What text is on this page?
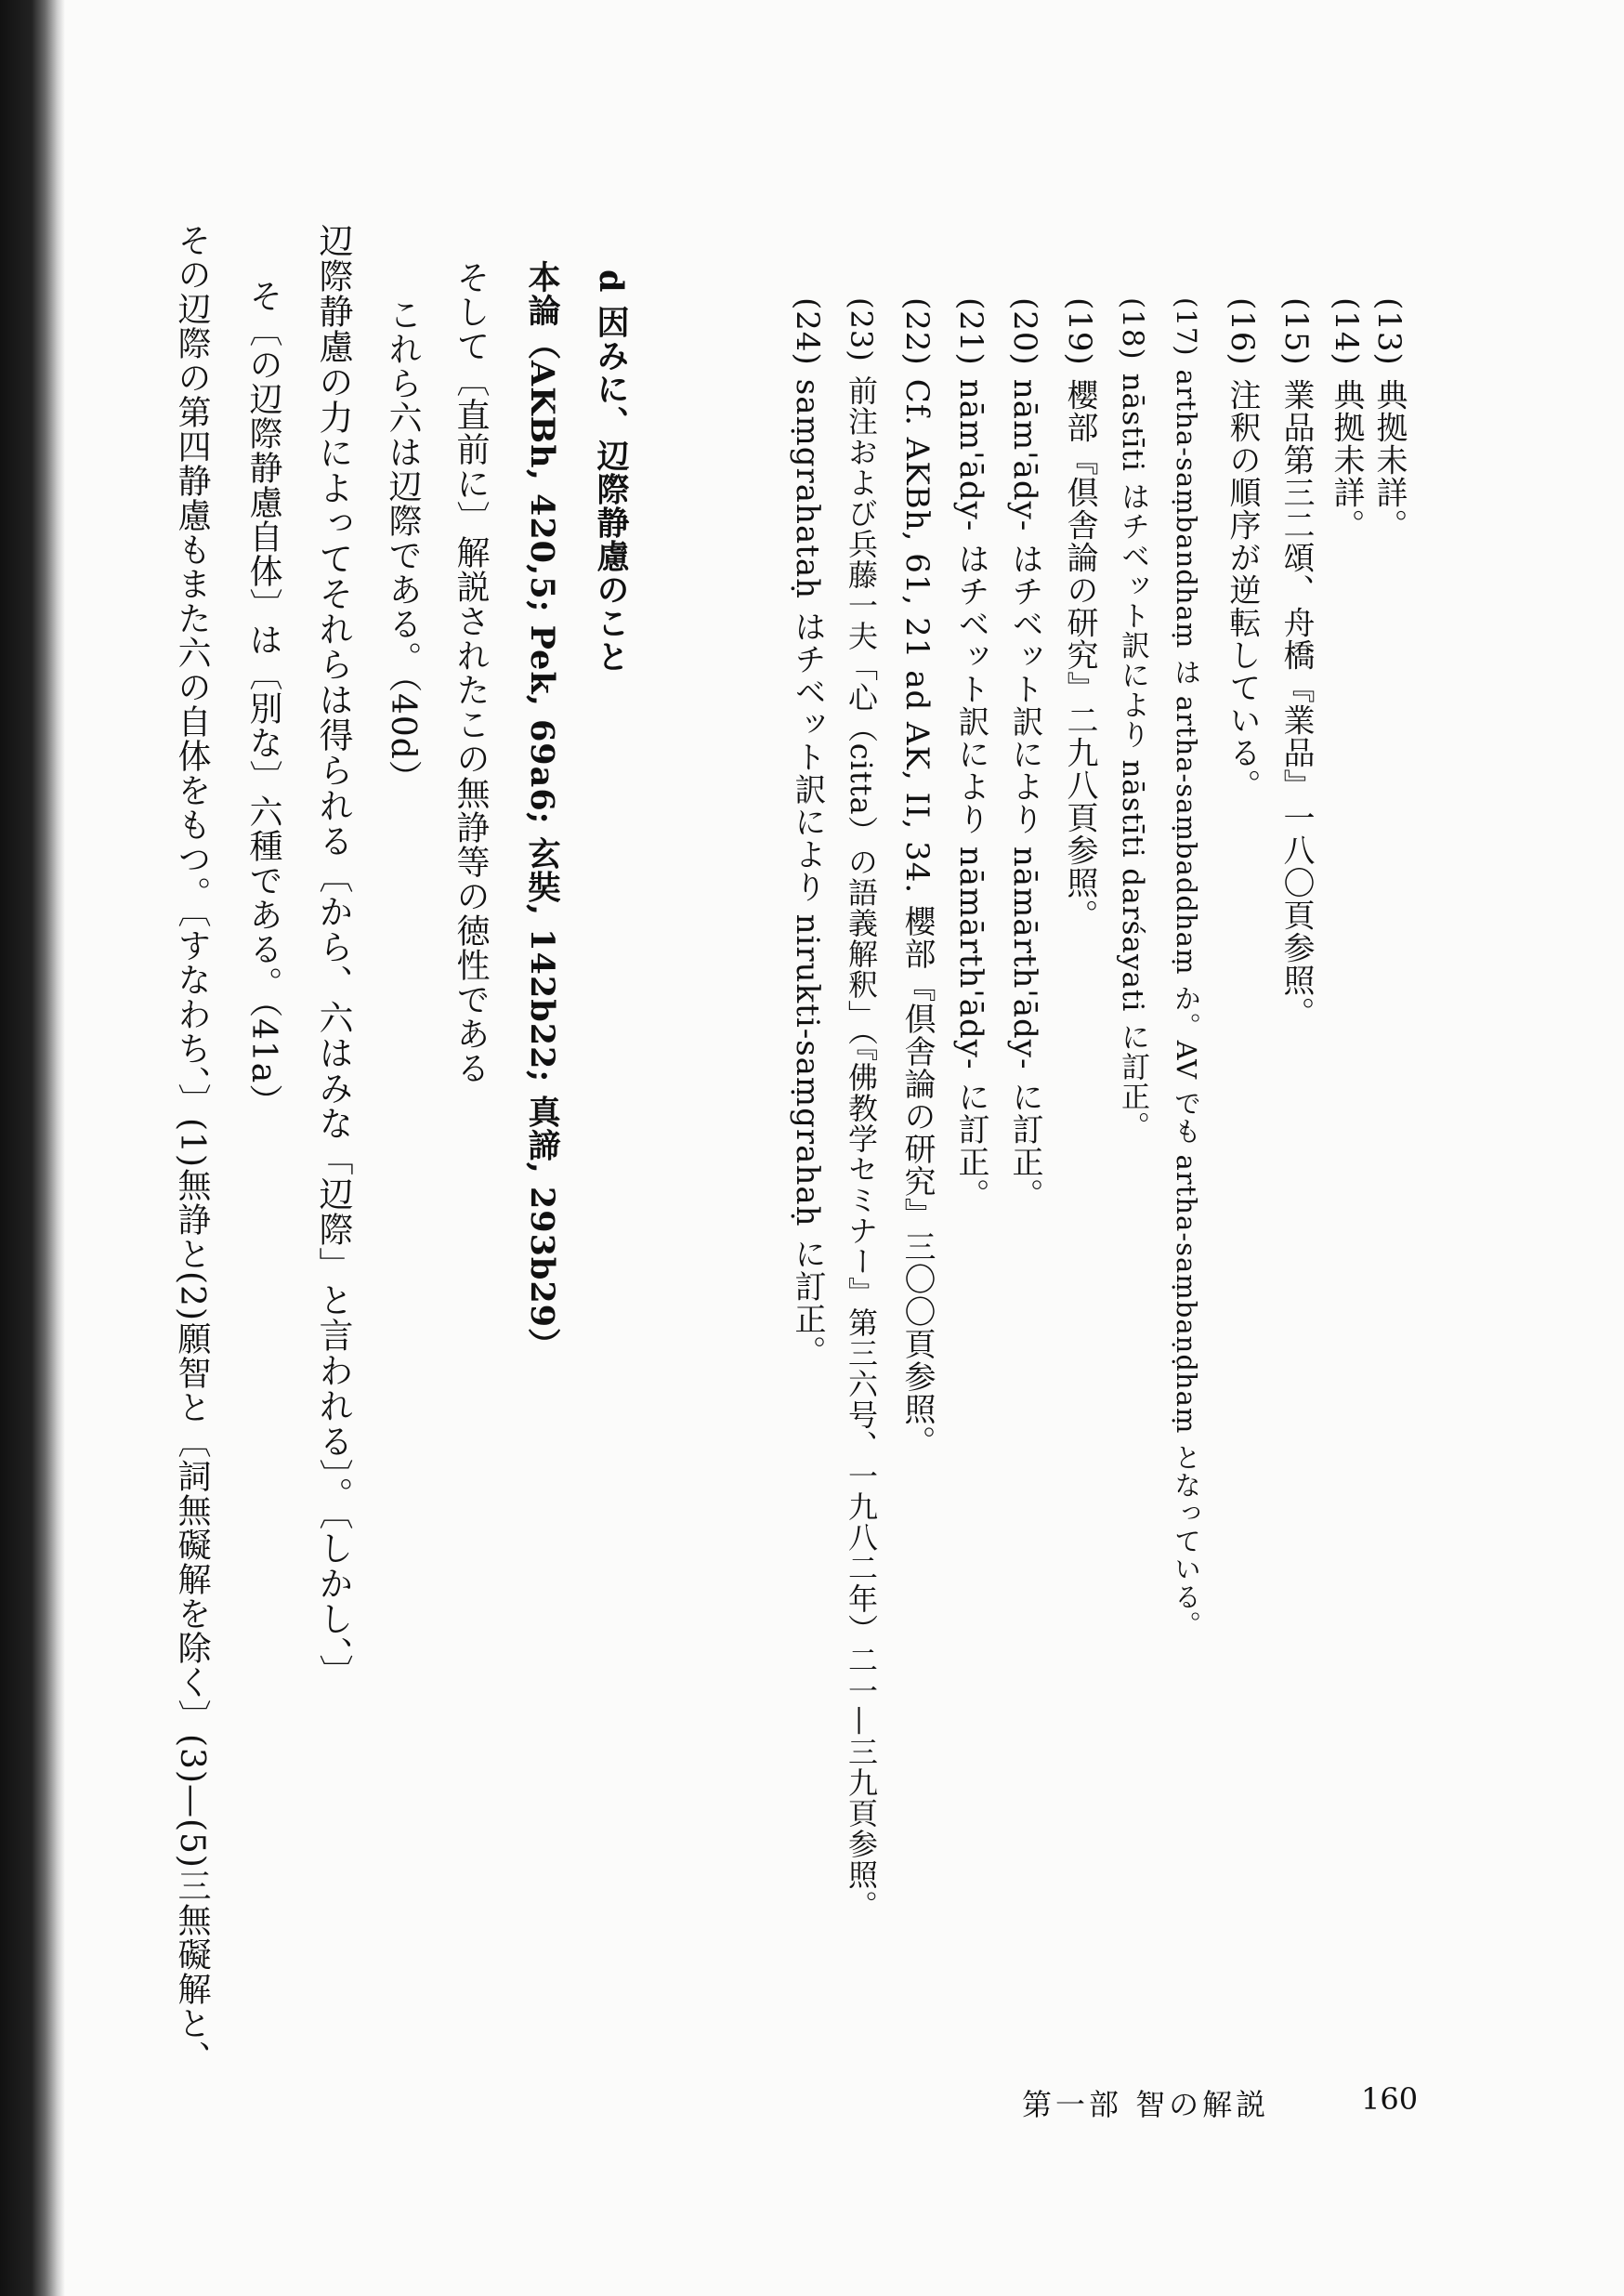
(13)典拠未詳。
(14)典拠未詳。
(15)業品第三二頌、舟橋『業品』一八〇頁参照。
(16)注釈の順序が逆転している。
(17)artha-saṃbandhaṃ は artha-saṃbaddhaṃ か。AV でも artha-saṃbaṇḍhaṃ となっている。
(18)nāstīti はチベット訳により nāstīti darśayati に訂正。
(19)櫻部『倶舎論の研究』二九八頁参照。
(20)nām'ādy- はチベット訳により nāmārth'ādy- に訂正。
(21)nām'ādy- はチベット訳により nāmārth'ādy- に訂正。
(22)Cf. AKBh, 61, 21 ad AK, II, 34. 櫻部『倶舎論の研究』三〇〇頁参照。
(23)前注および兵藤一夫「心（citta）の語義解釈」（『佛教学セミナー』第三六号、一九八二年）二一—三九頁参照。
(24)saṃgrahataḥ はチベット訳により nirukti-saṃgrahaḥ に訂正。
d 因みに、辺際静慮のこと
本論（AKBh, 420,5; Pek, 69a6; 玄奘, 142b22; 真諦, 293b29）
そして〔直前に〕解説されたこの無諍等の徳性である
これら六は辺際である。（40d）
辺際静慮の力によってそれらは得られる〔から、六はみな「辺際」と言われる〕。〔しかし、〕
そ〔の辺際静慮自体〕は〔別な〕六種である。（41a）
その辺際の第四静慮もまた六の自体をもつ。〔すなわち、〕(1)無諍と(2)願智と〔詞無礙解を除く〕(3)—(5)三無礙解と、
第一部 智の解説	160
